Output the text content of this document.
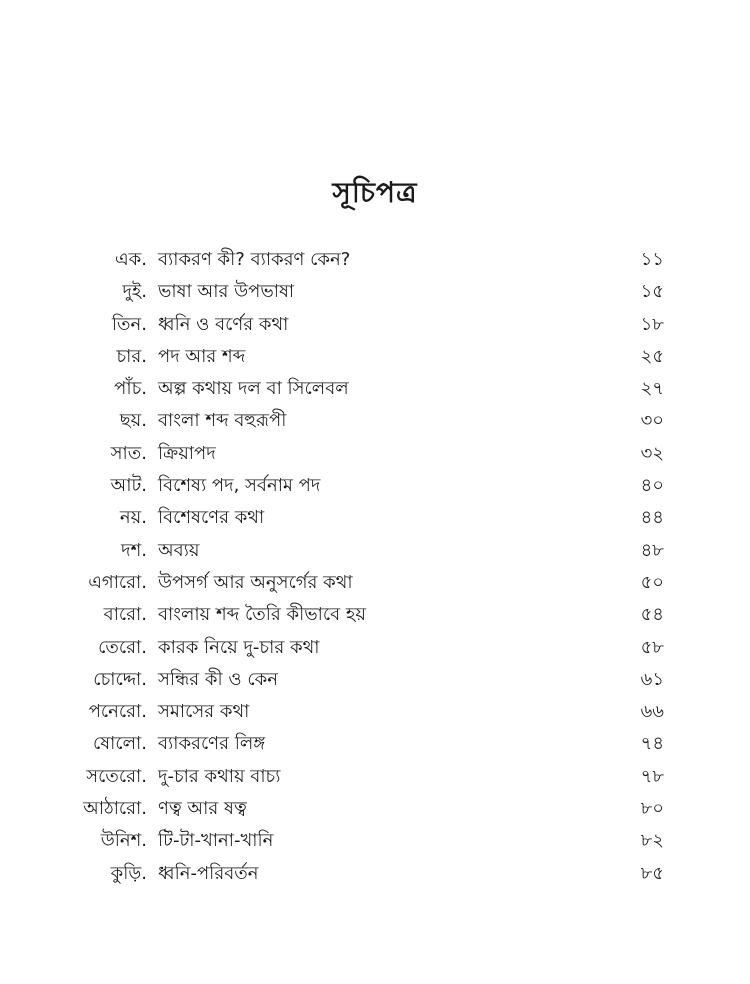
সূচিপত্র
এক. ব্যাকরণ কী? ব্যাকরণ কেন?	১১
দুই. ভাষা আর উপভাষা	১৫
তিন. ধ্বনি ও বর্ণের কথা	১৮
চার. পদ আর শব্দ	২৫
পাঁচ. অল্প কথায় দল বা সিলেবল	২৭
ছয়. বাংলা শব্দ বহুরূপী	৩০
সাত. ক্রিয়াপদ	৩২
আট. বিশেষ্য পদ, সর্বনাম পদ	৪০
নয়. বিশেষণের কথা	৪৪
দশ. অব্যয়	৪৮
এগারো. উপসর্গ আর অনুসর্গের কথা	৫০
বারো. বাংলায় শব্দ তৈরি কীভাবে হয়	৫৪
তেরো. কারক নিয়ে দু-চার কথা	৫৮
চোদ্দো. সন্ধির কী ও কেন	৬১
পনেরো. সমাসের কথা	৬৬
ষোলো. ব্যাকরণের লিঙ্গ	৭৪
সতেরো. দু-চার কথায় বাচ্য	৭৮
আঠারো. ণত্ব আর ষত্ব	৮০
উনিশ. টি-টা-খানা-খানি	৮২
কুড়ি. ধ্বনি-পরিবর্তন	৮৫
